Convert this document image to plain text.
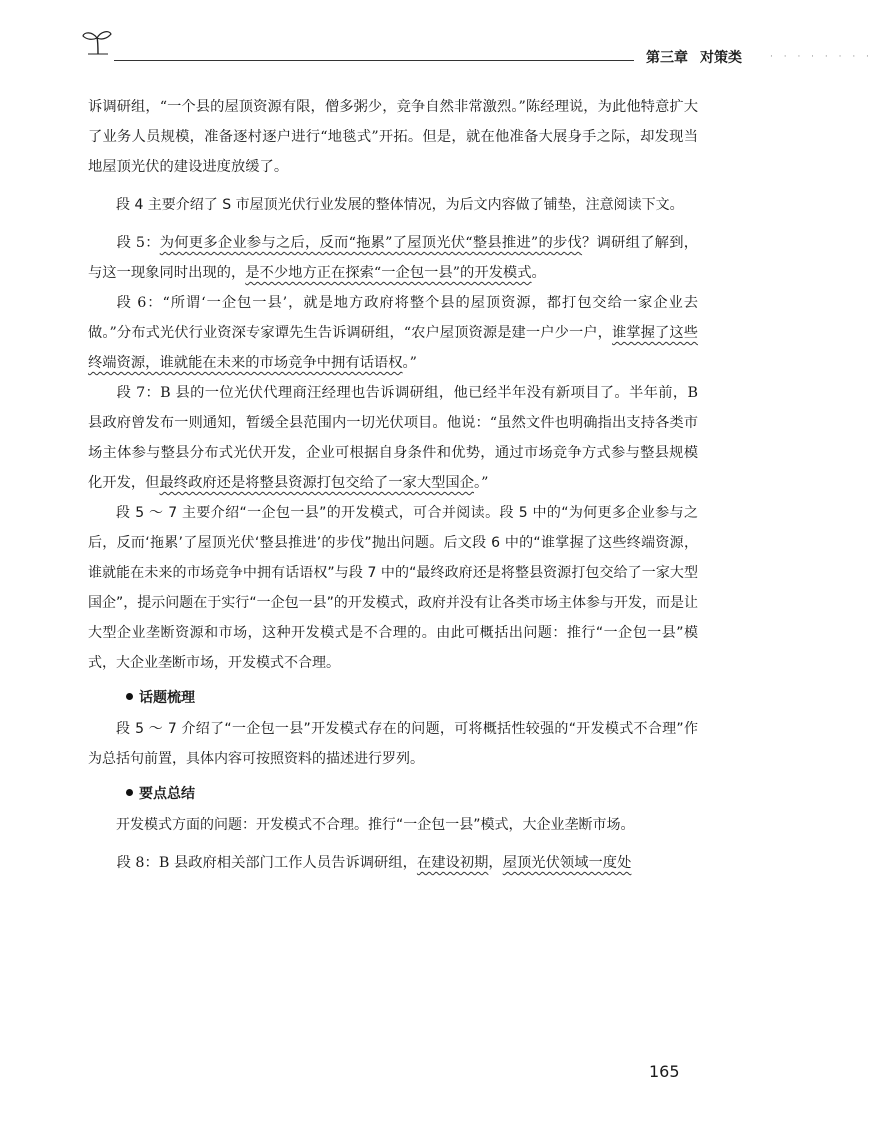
第三章 对策类	· · · · · · · ·

诉调研组，“一个县的屋顶资源有限，僧多粥少，竞争自然非常激烈。”陈经理说，为此他特意扩大了业务人员规模，准备逐村逐户进行“地毯式”开拓。但是，就在他准备大展身手之际，却发现当地屋顶光伏的建设进度放缓了。

段 4 主要介绍了 S 市屋顶光伏行业发展的整体情况，为后文内容做了铺垫，注意阅读下文。

段 5：为何更多企业参与之后，反而“拖累”了屋顶光伏“整县推进”的步伐？调研组了解到，与这一现象同时出现的，是不少地方正在探索“一企包一县”的开发模式。

段 6：“所谓‘一企包一县’，就是地方政府将整个县的屋顶资源，都打包交给一家企业去做。”分布式光伏行业资深专家谭先生告诉调研组，“农户屋顶资源是建一户少一户，谁掌握了这些终端资源，谁就能在未来的市场竞争中拥有话语权。”

段 7：B 县的一位光伏代理商汪经理也告诉调研组，他已经半年没有新项目了。半年前，B 县政府曾发布一则通知，暂缓全县范围内一切光伏项目。他说：“虽然文件也明确指出支持各类市场主体参与整县分布式光伏开发，企业可根据自身条件和优势，通过市场竞争方式参与整县规模化开发，但最终政府还是将整县资源打包交给了一家大型国企。”

段 5 ～ 7 主要介绍“一企包一县”的开发模式，可合并阅读。段 5 中的“为何更多企业参与之后，反而‘拖累’了屋顶光伏‘整县推进’的步伐”抛出问题。后文段 6 中的“谁掌握了这些终端资源，谁就能在未来的市场竞争中拥有话语权”与段 7 中的“最终政府还是将整县资源打包交给了一家大型国企”，提示问题在于实行“一企包一县”的开发模式，政府并没有让各类市场主体参与开发，而是让大型企业垄断资源和市场，这种开发模式是不合理的。由此可概括出问题：推行“一企包一县”模式，大企业垄断市场，开发模式不合理。

话题梳理

段 5 ～ 7 介绍了“一企包一县”开发模式存在的问题，可将概括性较强的“开发模式不合理”作为总括句前置，具体内容可按照资料的描述进行罗列。

要点总结

开发模式方面的问题：开发模式不合理。推行“一企包一县”模式，大企业垄断市场。

段 8：B 县政府相关部门工作人员告诉调研组，在建设初期，屋顶光伏领域一度处

165
